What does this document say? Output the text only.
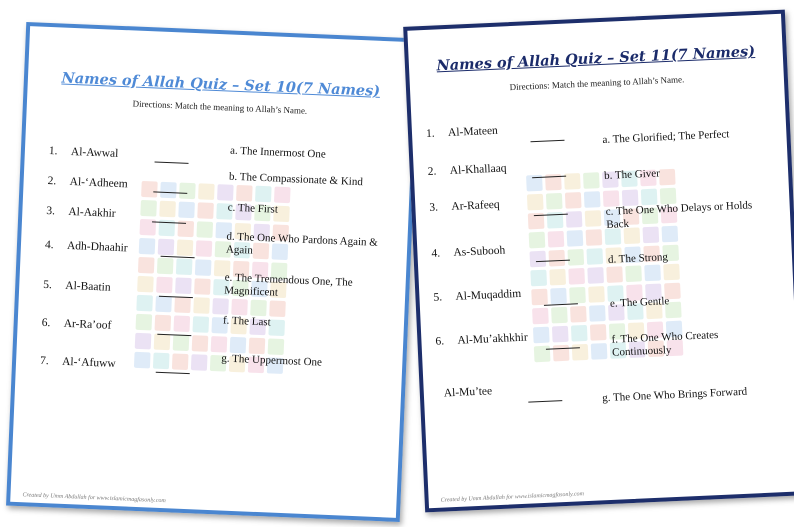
Names of Allah Quiz – Set 10(7 Names)
Directions: Match the meaning to Allah’s Name.
1. Al-Awwal
2. Al-‘Adheem
3. Al-Aakhir
4. Adh-Dhaahir
5. Al-Baatin
6. Ar-Ra’oof
7. Al-‘Afuww
a. The Innermost One
b. The Compassionate & Kind
c. The First
d. The One Who Pardons Again & Again
e. The Tremendous One, The Magnificent
f. The Last
g. The Uppermost One
Created by Umm Abdullah for www.islamicmagfasonly.com
Names of Allah Quiz – Set 11(7 Names)
Directions: Match the meaning to Allah’s Name.
1. Al-Mateen
2. Al-Khallaaq
3. Ar-Rafeeq
4. As-Subooh
5. Al-Muqaddim
6. Al-Mu’akhkhir
Al-Mu’tee
a. The Glorified; The Perfect
b. The Giver
c. The One Who Delays or Holds Back
d. The Strong
e. The Gentle
f. The One Who Creates Continuously
g. The One Who Brings Forward
Created by Umm Abdullah for www.islamicmagfasonly.com
